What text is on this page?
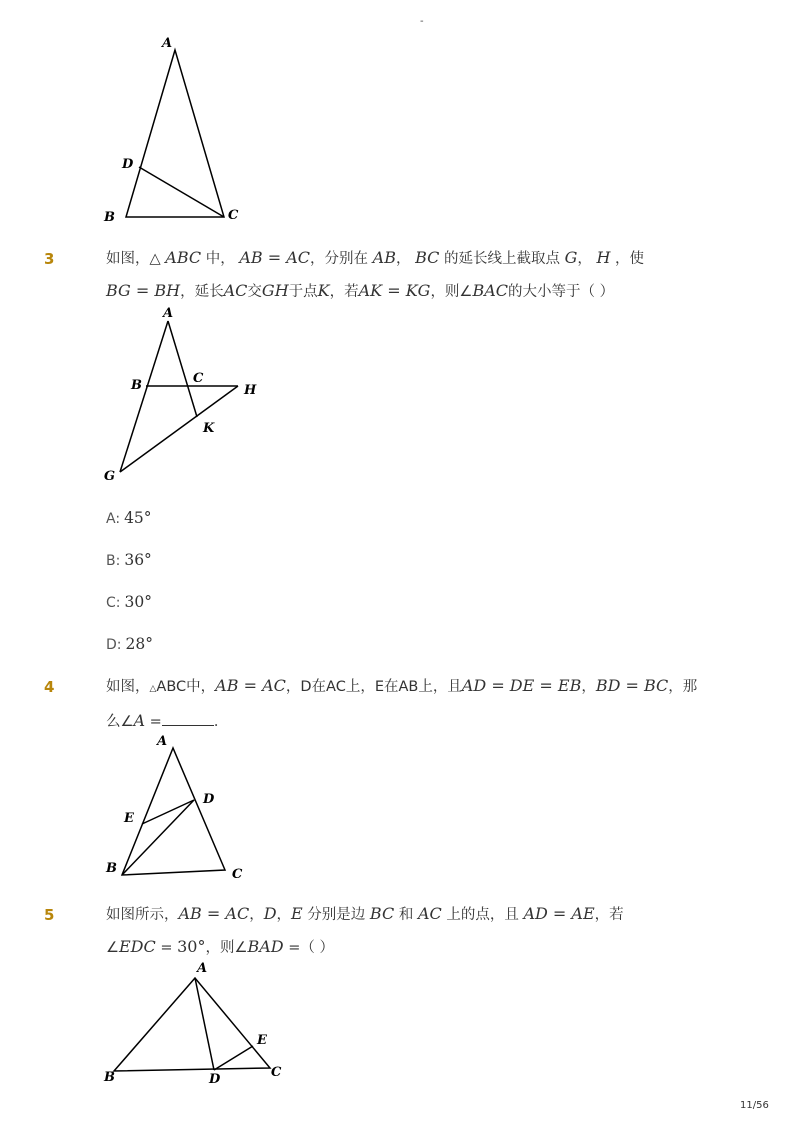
-
A
D
B	C
3	如图，△ ABC 中， AB = AC，分别在 AB， BC 的延长线上截取点 G， H ，使
BG = BH，延长AC交GH于点K，若AK = KG，则∠BAC的大小等于（ ）
A
B	C
H
K
G
A: 45°
B: 36°
C: 30°
D: 28°
4	如图，△ABC中，AB = AC，D在AC上，E在AB上，且AD = DE = EB，BD = BC，那
么∠A =	．
A
D
E
B	C
5	如图所示，AB = AC，D，E 分别是边 BC 和 AC 上的点，且 AD = AE，若
∠EDC = 30°，则∠BAD =（ ）
A
E
B	D	C
11/56
